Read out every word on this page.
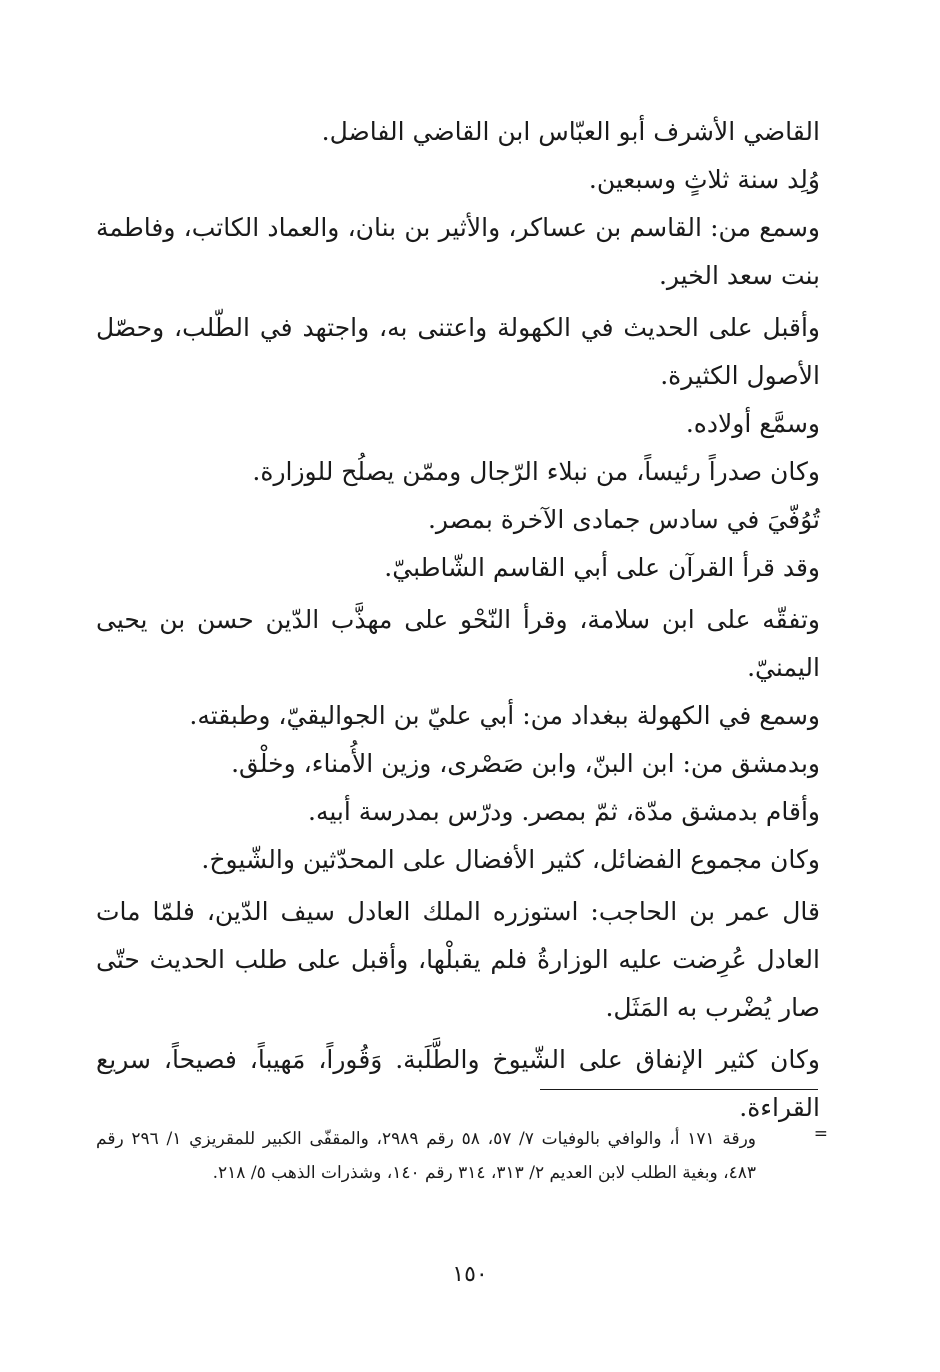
القاضي الأشرف أبو العبّاس ابن القاضي الفاضل.

وُلِد سنة ثلاثٍ وسبعين.

وسمع من: القاسم بن عساكر، والأثير بن بنان، والعماد الكاتب، وفاطمة بنت سعد الخير.

وأقبل على الحديث في الكهولة واعتنى به، واجتهد في الطّلب، وحصّل الأصول الكثيرة.

وسمَّع أولاده.

وكان صدراً رئيساً، من نبلاء الرّجال وممّن يصلُح للوزارة.

تُوُفّيَ في سادس جمادى الآخرة بمصر.

وقد قرأ القرآن على أبي القاسم الشّاطبيّ.

وتفقّه على ابن سلامة، وقرأ النّحْو على مهذَّب الدّين حسن بن يحيى اليمنيّ.

وسمع في الكهولة ببغداد من: أبي عليّ بن الجواليقيّ، وطبقته.

وبدمشق من: ابن البنّ، وابن صَصْرى، وزين الأُمناء، وخلْق.

وأقام بدمشق مدّة، ثمّ بمصر. ودرّس بمدرسة أبيه.

وكان مجموع الفضائل، كثير الأفضال على المحدّثين والشّيوخ.

قال عمر بن الحاجب: استوزره الملك العادل سيف الدّين، فلمّا مات العادل عُرِضت عليه الوزارةُ فلم يقبلْها، وأقبل على طلب الحديث حتّى صار يُضْرب به المَثَل.

وكان كثير الإنفاق على الشّيوخ والطَّلَبة. وَقُوراً، مَهيباً، فصيحاً، سريع القراءة.

=

ورقة ١٧١ أ، والوافي بالوفيات ٧/ ٥٧، ٥٨ رقم ٢٩٨٩، والمقفّى الكبير للمقريزي ١/ ٢٩٦ رقم ٤٨٣، وبغية الطلب لابن العديم ٢/ ٣١٣، ٣١٤ رقم ١٤٠، وشذرات الذهب ٥/ ٢١٨.

١٥٠
